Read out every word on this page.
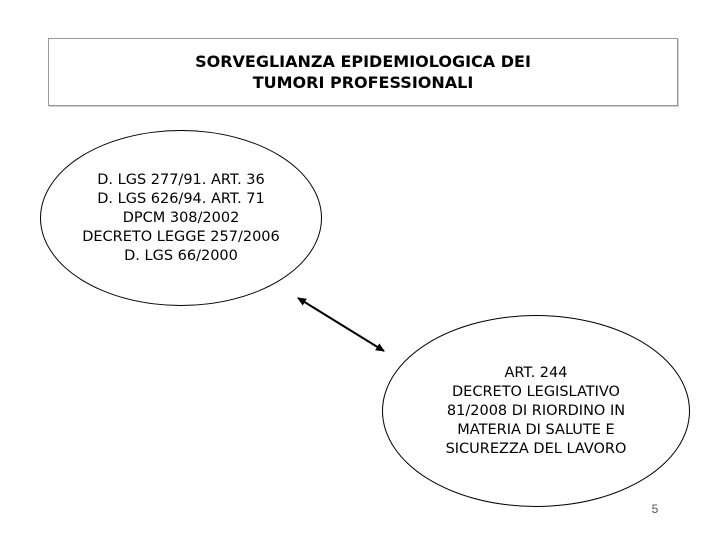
SORVEGLIANZA EPIDEMIOLOGICA DEI
TUMORI PROFESSIONALI
D. LGS 277/91. ART. 36
D. LGS 626/94. ART. 71
DPCM 308/2002
DECRETO LEGGE 257/2006
D. LGS 66/2000
ART. 244
DECRETO LEGISLATIVO
81/2008 DI RIORDINO IN
MATERIA DI SALUTE E
SICUREZZA DEL LAVORO
5
